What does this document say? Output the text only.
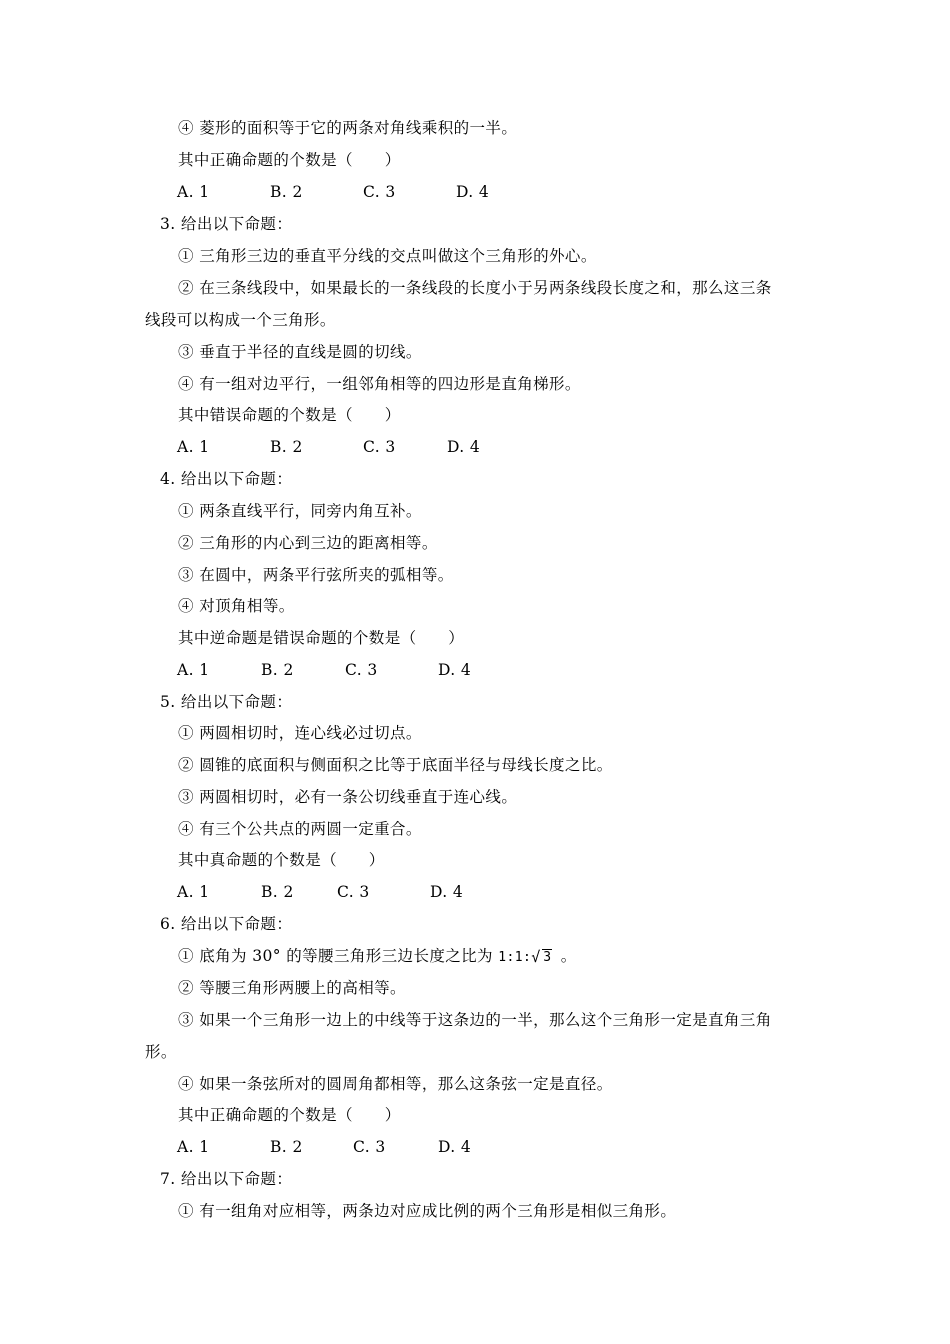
④ 菱形的面积等于它的两条对角线乘积的一半。
其中正确命题的个数是（　　）
A. 1	B. 2	C. 3	D. 4
3. 给出以下命题：
① 三角形三边的垂直平分线的交点叫做这个三角形的外心。
② 在三条线段中，如果最长的一条线段的长度小于另两条线段长度之和，那么这三条
线段可以构成一个三角形。
③ 垂直于半径的直线是圆的切线。
④ 有一组对边平行，一组邻角相等的四边形是直角梯形。
其中错误命题的个数是（　　）
A. 1	B. 2	C. 3	D. 4
4. 给出以下命题：
① 两条直线平行，同旁内角互补。
② 三角形的内心到三边的距离相等。
③ 在圆中，两条平行弦所夹的弧相等。
④ 对顶角相等。
其中逆命题是错误命题的个数是（　　）
A. 1	B. 2	C. 3	D. 4
5. 给出以下命题：
① 两圆相切时，连心线必过切点。
② 圆锥的底面积与侧面积之比等于底面半径与母线长度之比。
③ 两圆相切时，必有一条公切线垂直于连心线。
④ 有三个公共点的两圆一定重合。
其中真命题的个数是（　　）
A. 1	B. 2	C. 3	D. 4
6. 给出以下命题：
① 底角为 30° 的等腰三角形三边长度之比为 1:1:√ 3 。
② 等腰三角形两腰上的高相等。
③ 如果一个三角形一边上的中线等于这条边的一半，那么这个三角形一定是直角三角
形。
④ 如果一条弦所对的圆周角都相等，那么这条弦一定是直径。
其中正确命题的个数是（　　）
A. 1	B. 2	C. 3	D. 4
7. 给出以下命题：
① 有一组角对应相等，两条边对应成比例的两个三角形是相似三角形。
